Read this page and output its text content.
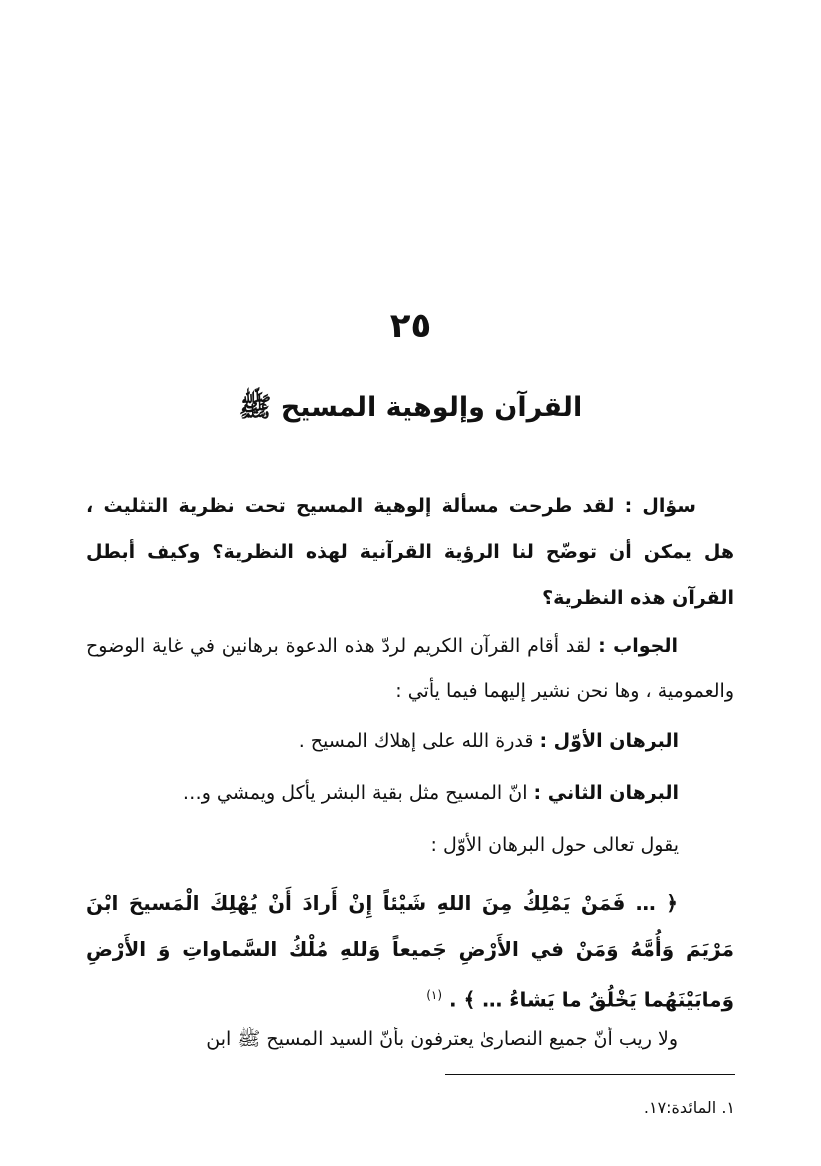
٢٥
القرآن وإلوهية المسيح ﷺ
سؤال : لقد طرحت مسألة إلوهية المسيح تحت نظرية التثليث ، هل يمكن أن توضّح لنا الرؤية القرآنية لهذه النظرية؟ وكيف أبطل القرآن هذه النظرية؟
الجواب : لقد أقام القرآن الكريم لردّ هذه الدعوة برهانين في غاية الوضوح والعمومية ، وها نحن نشير إليهما فيما يأتي :
البرهان الأوّل : قدرة الله على إهلاك المسيح .
البرهان الثاني : انّ المسيح مثل بقية البشر يأكل ويمشي و…
يقول تعالى حول البرهان الأوّل :
﴿ … فَمَنْ يَمْلِكُ مِنَ اللهِ شَيْئاً إِنْ أَرادَ أَنْ يُهْلِكَ الْمَسيحَ ابْنَ مَرْيَمَ وَأُمَّهُ وَمَنْ في الأَرْضِ جَميعاً وَللهِ مُلْكُ السَّماواتِ وَ الأَرْضِ وَمابَيْنَهُما يَخْلُقُ ما يَشاءُ … ﴾ . $^{(١)}$
ولا ريب أنّ جميع النصارىٰ يعترفون بأنّ السيد المسيح ﷺ ابن
١. المائدة:١٧.
